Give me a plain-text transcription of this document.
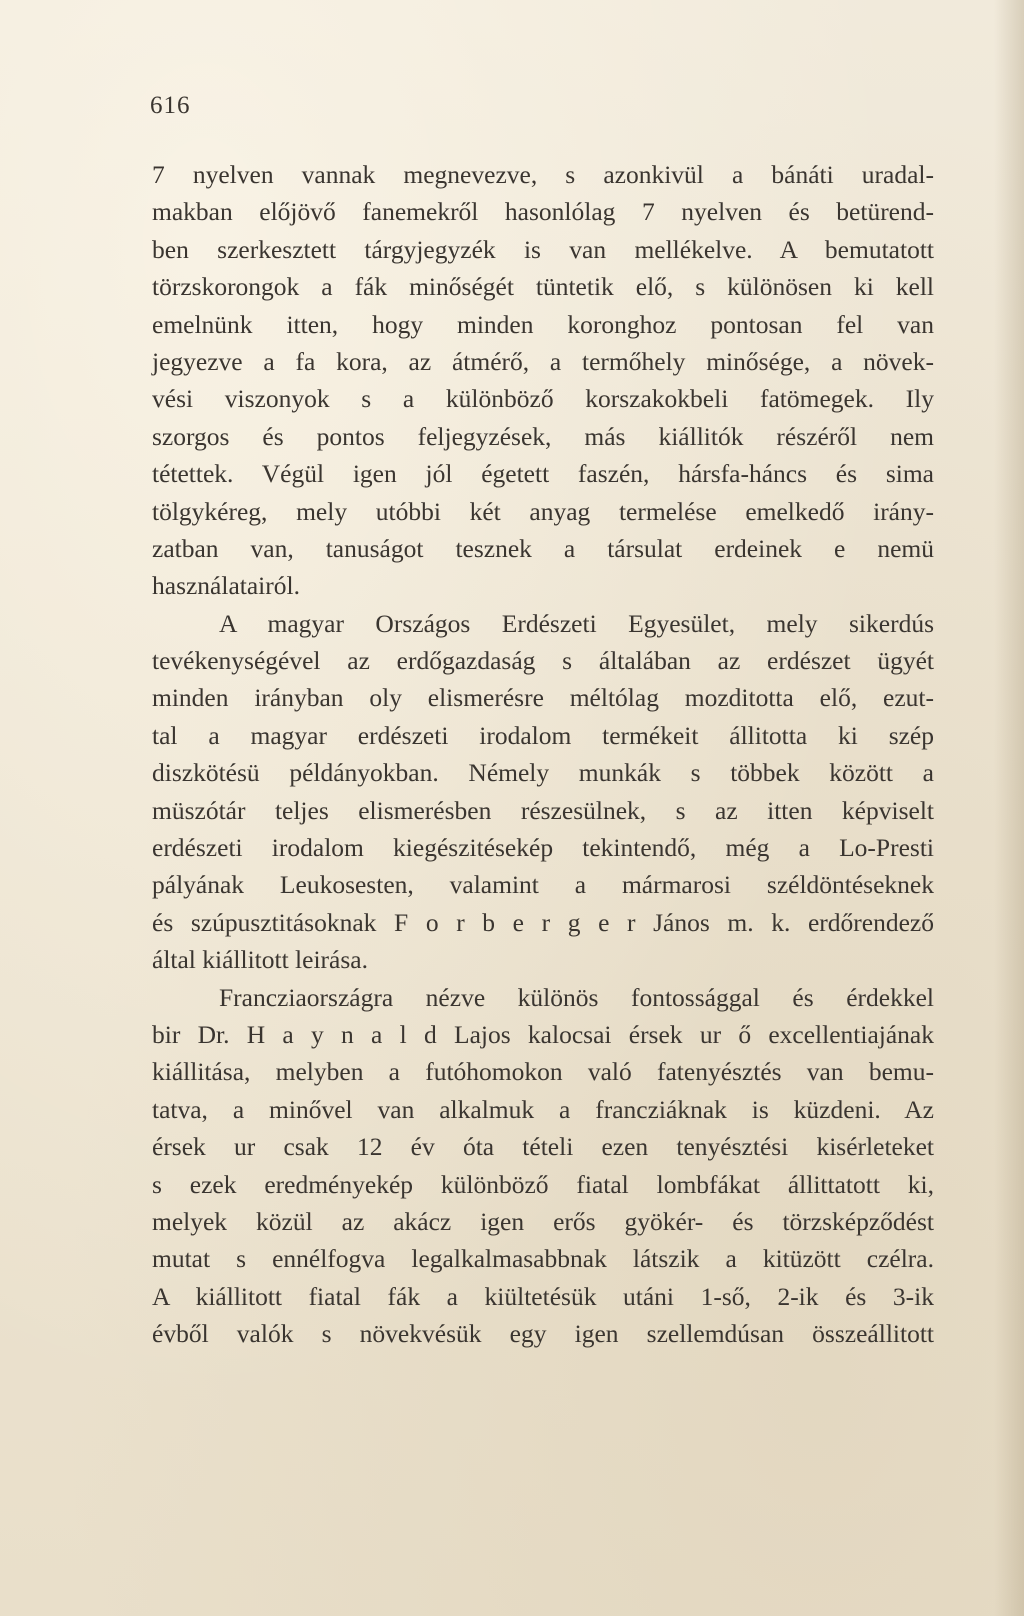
616
7 nyelven vannak megnevezve, s azonkivül a bánáti uradal-
makban előjövő fanemekről hasonlólag 7 nyelven és betürend-
ben szerkesztett tárgyjegyzék is van mellékelve. A bemutatott
törzskorongok a fák minőségét tüntetik elő, s különösen ki kell
emelnünk itten, hogy minden koronghoz pontosan fel van
jegyezve a fa kora, az átmérő, a termőhely minősége, a növek-
vési viszonyok s a különböző korszakokbeli fatömegek. Ily
szorgos és pontos feljegyzések, más kiállitók részéről nem
tétettek. Végül igen jól égetett faszén, hársfa-háncs és sima
tölgykéreg, mely utóbbi két anyag termelése emelkedő irány-
zatban van, tanuságot tesznek a társulat erdeinek e nemü
használatairól.
A magyar Országos Erdészeti Egyesület, mely sikerdús
tevékenységével az erdőgazdaság s általában az erdészet ügyét
minden irányban oly elismerésre méltólag mozditotta elő, ezut-
tal a magyar erdészeti irodalom termékeit állitotta ki szép
diszkötésü példányokban. Némely munkák s többek között a
müszótár teljes elismerésben részesülnek, s az itten képviselt
erdészeti irodalom kiegészitésekép tekintendő, még a Lo-Presti
pályának Leukosesten, valamint a mármarosi széldöntéseknek
és szúpusztitásoknak F o r b e r g e r János m. k. erdőrendező
által kiállitott leirása.
Francziaországra nézve különös fontossággal és érdekkel
bir Dr. H a y n a l d Lajos kalocsai érsek ur ő excellentiajának
kiállitása, melyben a futóhomokon való fatenyésztés van bemu-
tatva, a minővel van alkalmuk a francziáknak is küzdeni. Az
érsek ur csak 12 év óta tételi ezen tenyésztési kisérleteket
s ezek eredményekép különböző fiatal lombfákat állittatott ki,
melyek közül az akácz igen erős gyökér- és törzsképződést
mutat s ennélfogva legalkalmasabbnak látszik a kitüzött czélra.
A kiállitott fiatal fák a kiültetésük utáni 1-ső, 2-ik és 3-ik
évből valók s növekvésük egy igen szellemdúsan összeállitott
